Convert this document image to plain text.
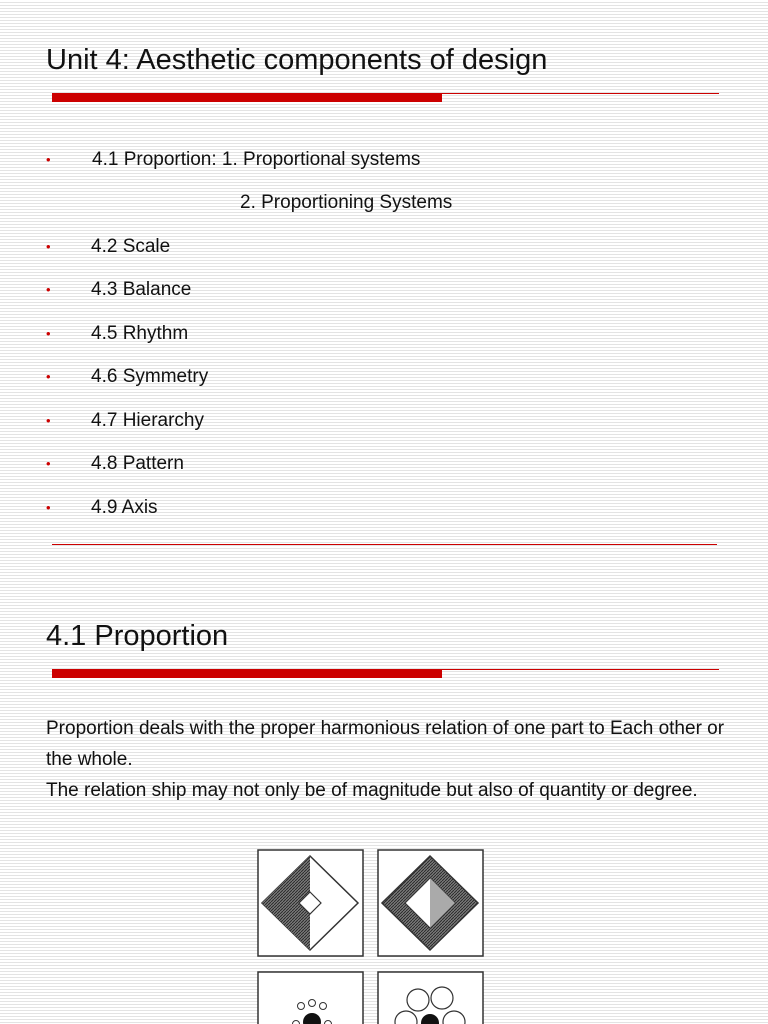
Unit 4: Aesthetic components of design
• 4.1 Proportion: 1. Proportional systems
2. Proportioning Systems
• 4.2 Scale
• 4.3 Balance
• 4.5 Rhythm
• 4.6 Symmetry
• 4.7 Hierarchy
• 4.8 Pattern
• 4.9 Axis
4.1 Proportion

Proportion deals with the proper harmonious relation of one part to Each other or the whole.

The relation ship may not only be of magnitude but also of quantity or degree.
